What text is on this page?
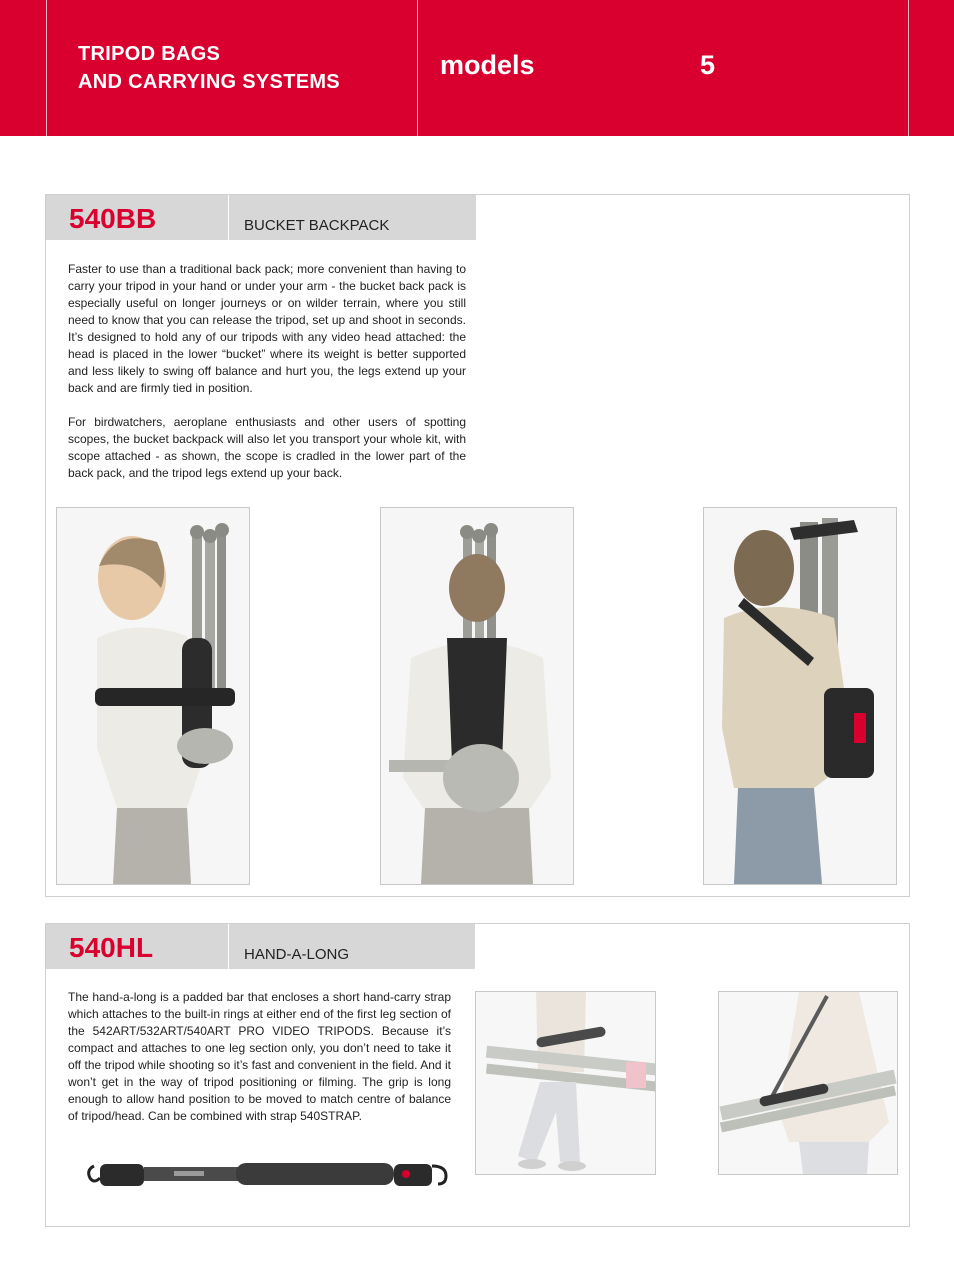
TRIPOD BAGS
AND CARRYING SYSTEMS
models	5
540BB	BUCKET BACKPACK

Faster to use than a traditional back pack; more convenient than having to carry your tripod in your hand or under your arm - the bucket back pack is especially useful on longer journeys or on wilder terrain, where you still need to know that you can release the tripod, set up and shoot in seconds. It’s designed to hold any of our tripods with any video head attached: the head is placed in the lower “bucket” where its weight is better supported and less likely to swing off balance and hurt you, the legs extend up your back and are firmly tied in position.

For birdwatchers, aeroplane enthusiasts and other users of spotting scopes, the bucket backpack will also let you transport your whole kit, with scope attached - as shown, the scope is cradled in the lower part of the back pack, and the tripod legs extend up your back.

540HL	HAND-A-LONG

The hand-a-long is a padded bar that encloses a short hand-carry strap which attaches to the built-in rings at either end of the first leg section of the 542ART/532ART/540ART PRO VIDEO TRIPODS. Because it’s compact and attaches to one leg section only, you don’t need to take it off the tripod while shooting so it’s fast and convenient in the field. And it won’t get in the way of tripod positioning or filming. The grip is long enough to allow hand position to be moved to match centre of balance of tripod/head. Can be combined with strap 540STRAP.
